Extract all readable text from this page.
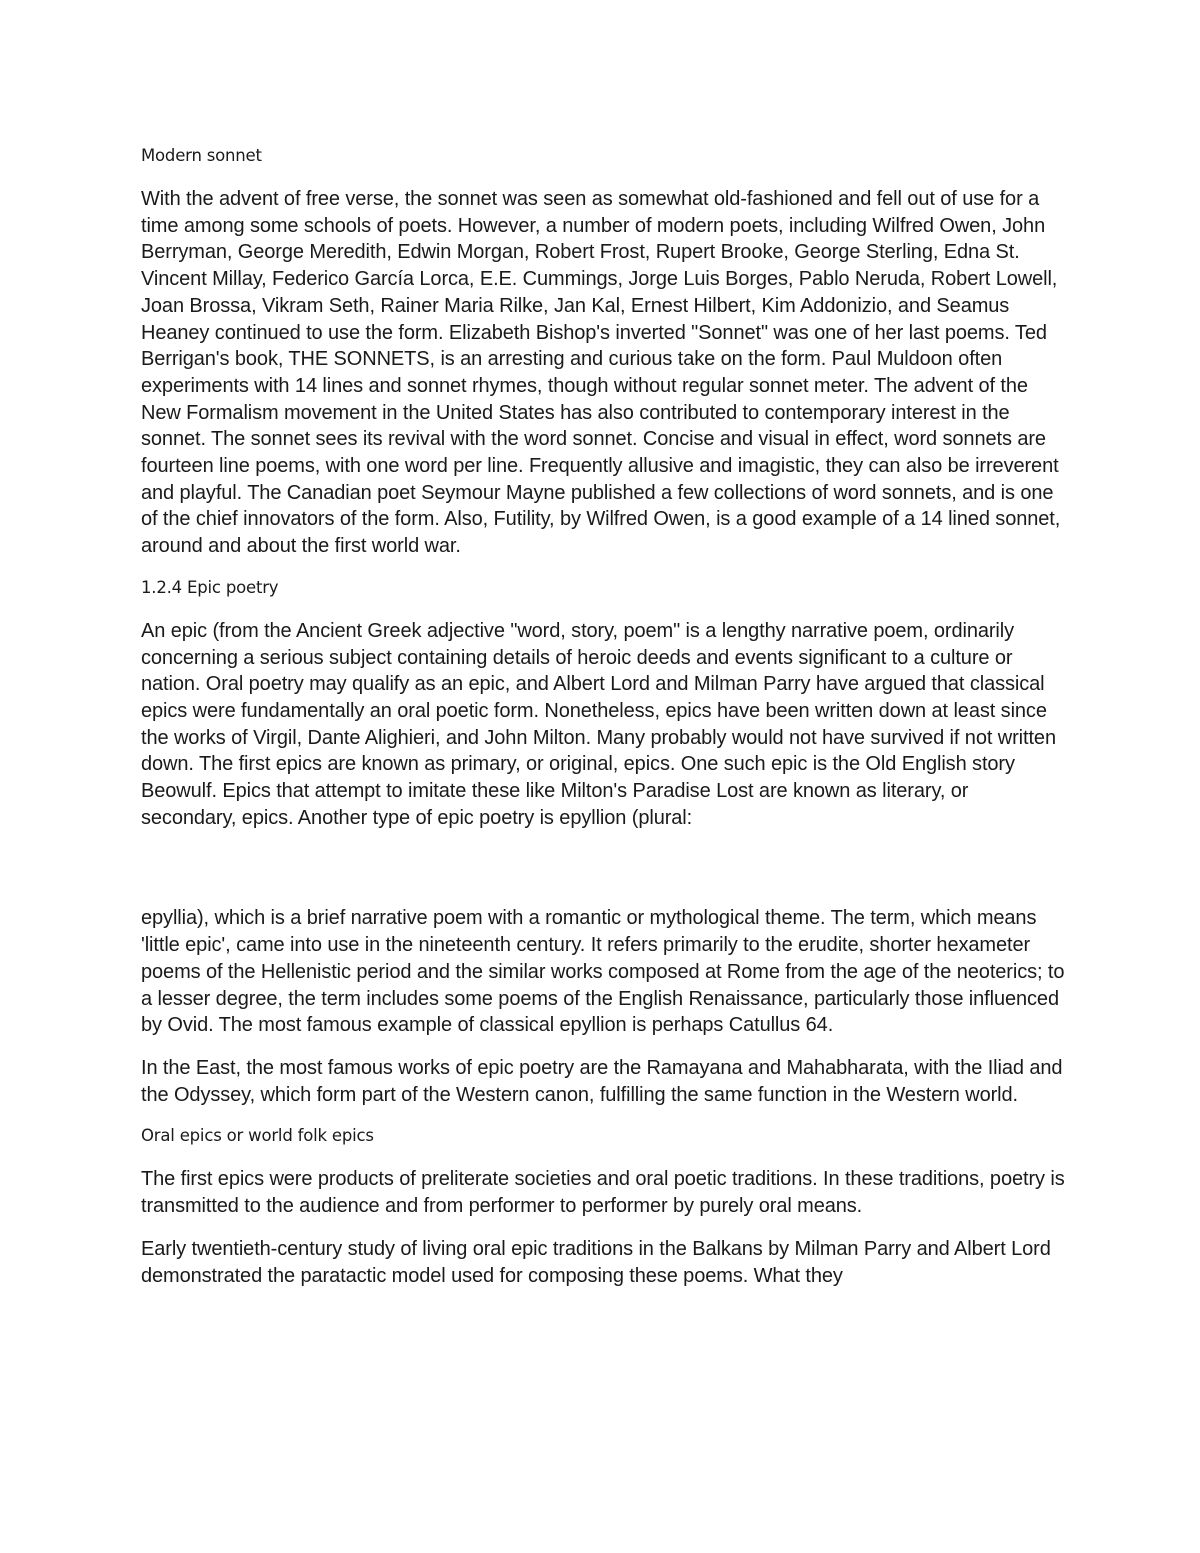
Modern sonnet

With the advent of free verse, the sonnet was seen as somewhat old-fashioned and fell out of use for a time among some schools of poets. However, a number of modern poets, including Wilfred Owen, John Berryman, George Meredith, Edwin Morgan, Robert Frost, Rupert Brooke, George Sterling, Edna St. Vincent Millay, Federico García Lorca, E.E. Cummings, Jorge Luis Borges, Pablo Neruda, Robert Lowell, Joan Brossa, Vikram Seth, Rainer Maria Rilke, Jan Kal, Ernest Hilbert, Kim Addonizio, and Seamus Heaney continued to use the form. Elizabeth Bishop's inverted "Sonnet" was one of her last poems. Ted Berrigan's book, THE SONNETS, is an arresting and curious take on the form. Paul Muldoon often experiments with 14 lines and sonnet rhymes, though without regular sonnet meter. The advent of the New Formalism movement in the United States has also contributed to contemporary interest in the sonnet. The sonnet sees its revival with the word sonnet. Concise and visual in effect, word sonnets are fourteen line poems, with one word per line. Frequently allusive and imagistic, they can also be irreverent and playful. The Canadian poet Seymour Mayne published a few collections of word sonnets, and is one of the chief innovators of the form. Also, Futility, by Wilfred Owen, is a good example of a 14 lined sonnet, around and about the first world war.

1.2.4 Epic poetry

An epic (from the Ancient Greek adjective "word, story, poem" is a lengthy narrative poem, ordinarily concerning a serious subject containing details of heroic deeds and events significant to a culture or nation. Oral poetry may qualify as an epic, and Albert Lord and Milman Parry have argued that classical epics were fundamentally an oral poetic form. Nonetheless, epics have been written down at least since the works of Virgil, Dante Alighieri, and John Milton. Many probably would not have survived if not written down. The first epics are known as primary, or original, epics. One such epic is the Old English story Beowulf. Epics that attempt to imitate these like Milton's Paradise Lost are known as literary, or secondary, epics. Another type of epic poetry is epyllion (plural:

epyllia), which is a brief narrative poem with a romantic or mythological theme. The term, which means 'little epic', came into use in the nineteenth century. It refers primarily to the erudite, shorter hexameter poems of the Hellenistic period and the similar works composed at Rome from the age of the neoterics; to a lesser degree, the term includes some poems of the English Renaissance, particularly those influenced by Ovid. The most famous example of classical epyllion is perhaps Catullus 64.

In the East, the most famous works of epic poetry are the Ramayana and Mahabharata, with the Iliad and the Odyssey, which form part of the Western canon, fulfilling the same function in the Western world.

Oral epics or world folk epics

The first epics were products of preliterate societies and oral poetic traditions. In these traditions, poetry is transmitted to the audience and from performer to performer by purely oral means.

Early twentieth-century study of living oral epic traditions in the Balkans by Milman Parry and Albert Lord demonstrated the paratactic model used for composing these poems. What they
